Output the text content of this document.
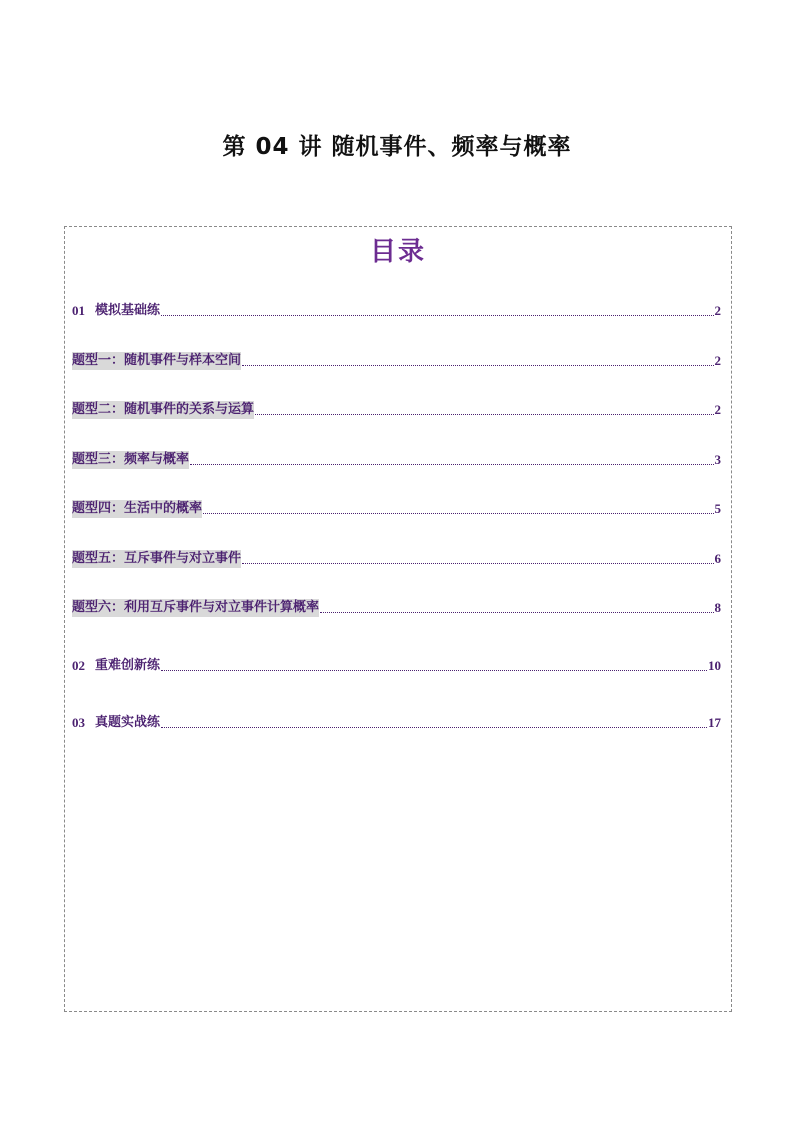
第 04 讲 随机事件、频率与概率
目录
01 模拟基础练	2
题型一：随机事件与样本空间	2
题型二：随机事件的关系与运算	2
题型三：频率与概率	3
题型四：生活中的概率	5
题型五：互斥事件与对立事件	6
题型六：利用互斥事件与对立事件计算概率	8
02 重难创新练	10
03 真题实战练	17
